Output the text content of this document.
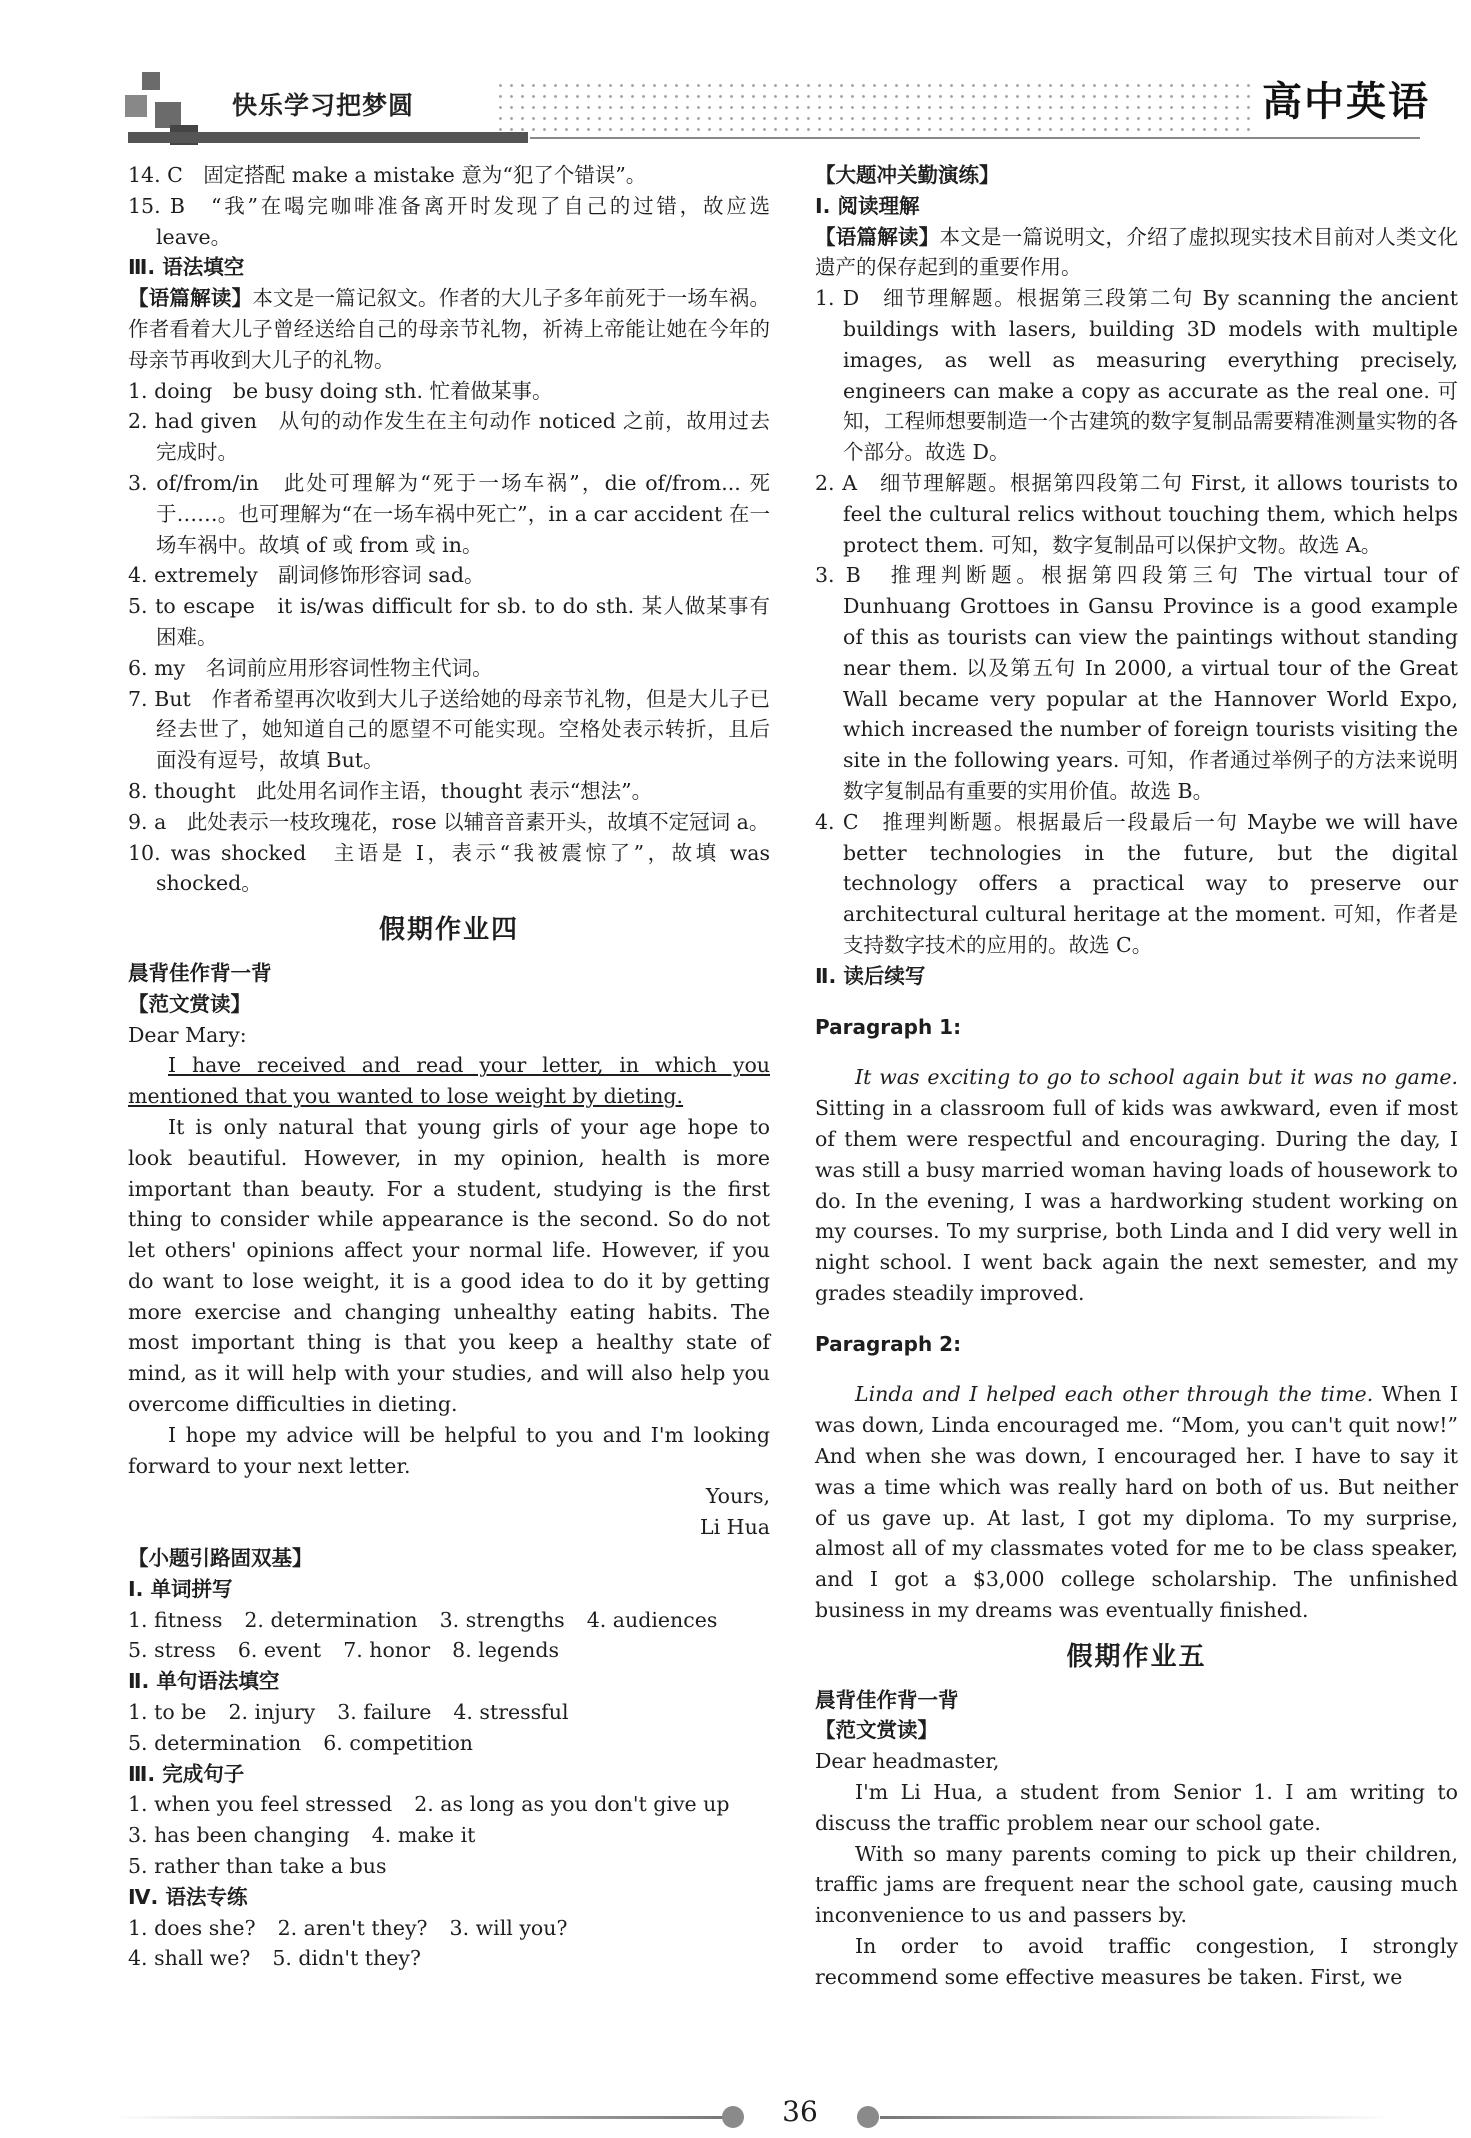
快乐学习把梦圆	高中英语

14. C　固定搭配 make a mistake 意为“犯了个错误”。

15. B　“我”在喝完咖啡准备离开时发现了自己的过错，故应选 leave。

Ⅲ. 语法填空

【语篇解读】本文是一篇记叙文。作者的大儿子多年前死于一场车祸。作者看着大儿子曾经送给自己的母亲节礼物，祈祷上帝能让她在今年的母亲节再收到大儿子的礼物。

1. doing　be busy doing sth. 忙着做某事。

2. had given　从句的动作发生在主句动作 noticed 之前，故用过去完成时。

3. of/from/in　此处可理解为“死于一场车祸”，die of/from... 死于……。也可理解为“在一场车祸中死亡”，in a car accident 在一场车祸中。故填 of 或 from 或 in。

4. extremely　副词修饰形容词 sad。

5. to escape　it is/was difficult for sb. to do sth. 某人做某事有困难。

6. my　名词前应用形容词性物主代词。

7. But　作者希望再次收到大儿子送给她的母亲节礼物，但是大儿子已经去世了，她知道自己的愿望不可能实现。空格处表示转折，且后面没有逗号，故填 But。

8. thought　此处用名词作主语，thought 表示“想法”。

9. a　此处表示一枝玫瑰花，rose 以辅音音素开头，故填不定冠词 a。

10. was shocked　主语是 I，表示“我被震惊了”，故填 was shocked。

假期作业四

晨背佳作背一背

【范文赏读】

Dear Mary:

I have received and read your letter, in which you mentioned that you wanted to lose weight by dieting.

It is only natural that young girls of your age hope to look beautiful. However, in my opinion, health is more important than beauty. For a student, studying is the first thing to consider while appearance is the second. So do not let others' opinions affect your normal life. However, if you do want to lose weight, it is a good idea to do it by getting more exercise and changing unhealthy eating habits. The most important thing is that you keep a healthy state of mind, as it will help with your studies, and will also help you overcome difficulties in dieting.

I hope my advice will be helpful to you and I'm looking forward to your next letter.

Yours,

Li Hua

【小题引路固双基】

Ⅰ. 单词拼写

1. fitness 2. determination 3. strengths 4. audiences
5. stress 6. event 7. honor 8. legends

Ⅱ. 单句语法填空

1. to be 2. injury 3. failure 4. stressful
5. determination 6. competition

Ⅲ. 完成句子

1. when you feel stressed 2. as long as you don't give up
3. has been changing 4. make it
5. rather than take a bus

Ⅳ. 语法专练

1. does she? 2. aren't they? 3. will you?
4. shall we? 5. didn't they?

【大题冲关勤演练】

Ⅰ. 阅读理解

【语篇解读】本文是一篇说明文，介绍了虚拟现实技术目前对人类文化遗产的保存起到的重要作用。

1. D　细节理解题。根据第三段第二句 By scanning the ancient buildings with lasers, building 3D models with multiple images, as well as measuring everything precisely, engineers can make a copy as accurate as the real one. 可知，工程师想要制造一个古建筑的数字复制品需要精准测量实物的各个部分。故选 D。

2. A　细节理解题。根据第四段第二句 First, it allows tourists to feel the cultural relics without touching them, which helps protect them. 可知，数字复制品可以保护文物。故选 A。

3. B　推理判断题。根据第四段第三句 The virtual tour of Dunhuang Grottoes in Gansu Province is a good example of this as tourists can view the paintings without standing near them. 以及第五句 In 2000, a virtual tour of the Great Wall became very popular at the Hannover World Expo, which increased the number of foreign tourists visiting the site in the following years. 可知，作者通过举例子的方法来说明数字复制品有重要的实用价值。故选 B。

4. C　推理判断题。根据最后一段最后一句 Maybe we will have better technologies in the future, but the digital technology offers a practical way to preserve our architectural cultural heritage at the moment. 可知，作者是支持数字技术的应用的。故选 C。

Ⅱ. 读后续写

Paragraph 1:

It was exciting to go to school again but it was no game. Sitting in a classroom full of kids was awkward, even if most of them were respectful and encouraging. During the day, I was still a busy married woman having loads of housework to do. In the evening, I was a hardworking student working on my courses. To my surprise, both Linda and I did very well in night school. I went back again the next semester, and my grades steadily improved.

Paragraph 2:

Linda and I helped each other through the time. When I was down, Linda encouraged me. “Mom, you can't quit now!” And when she was down, I encouraged her. I have to say it was a time which was really hard on both of us. But neither of us gave up. At last, I got my diploma. To my surprise, almost all of my classmates voted for me to be class speaker, and I got a $3,000 college scholarship. The unfinished business in my dreams was eventually finished.

假期作业五

晨背佳作背一背

【范文赏读】

Dear headmaster,

I'm Li Hua, a student from Senior 1. I am writing to discuss the traffic problem near our school gate.

With so many parents coming to pick up their children, traffic jams are frequent near the school gate, causing much inconvenience to us and passers by.

In order to avoid traffic congestion, I strongly recommend some effective measures be taken. First, we

36
